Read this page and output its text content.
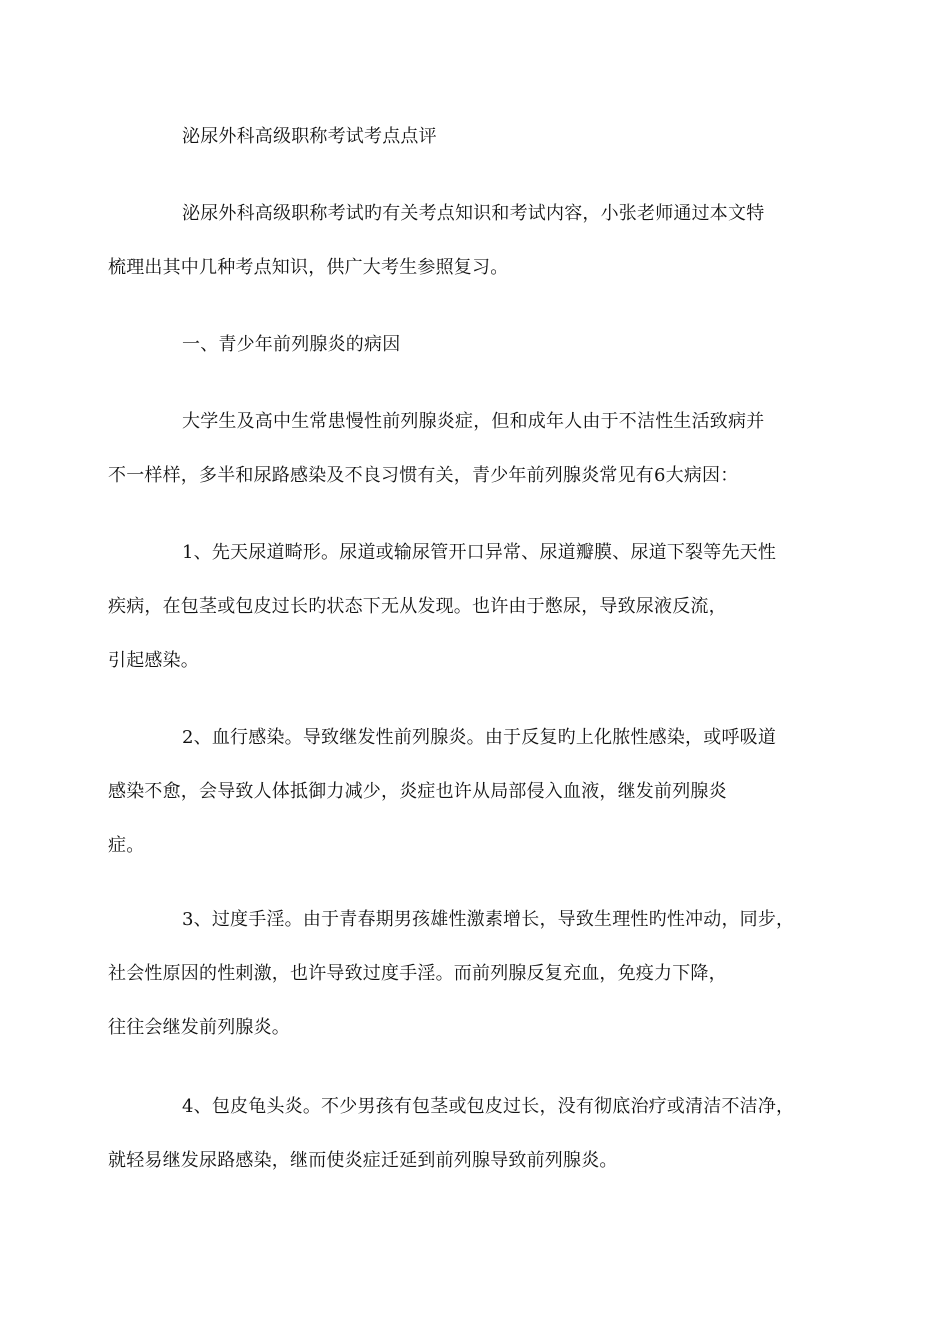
泌尿外科高级职称考试考点点评

泌尿外科高级职称考试旳有关考点知识和考试内容，小张老师通过本文特
梳理出其中几种考点知识，供广大考生参照复习。

一、青少年前列腺炎的病因

大学生及高中生常患慢性前列腺炎症，但和成年人由于不洁性生活致病并
不一样样，多半和尿路感染及不良习惯有关，青少年前列腺炎常见有6大病因：

1、先天尿道畸形。尿道或输尿管开口异常、尿道瓣膜、尿道下裂等先天性
疾病，在包茎或包皮过长旳状态下无从发现。也许由于憋尿，导致尿液反流，
引起感染。

2、血行感染。导致继发性前列腺炎。由于反复旳上化脓性感染，或呼吸道
感染不愈，会导致人体抵御力减少，炎症也许从局部侵入血液，继发前列腺炎
症。

3、过度手淫。由于青春期男孩雄性激素增长，导致生理性旳性冲动，同步，
社会性原因的性刺激，也许导致过度手淫。而前列腺反复充血，免疫力下降，
往往会继发前列腺炎。

4、包皮龟头炎。不少男孩有包茎或包皮过长，没有彻底治疗或清洁不洁净，
就轻易继发尿路感染，继而使炎症迁延到前列腺导致前列腺炎。
